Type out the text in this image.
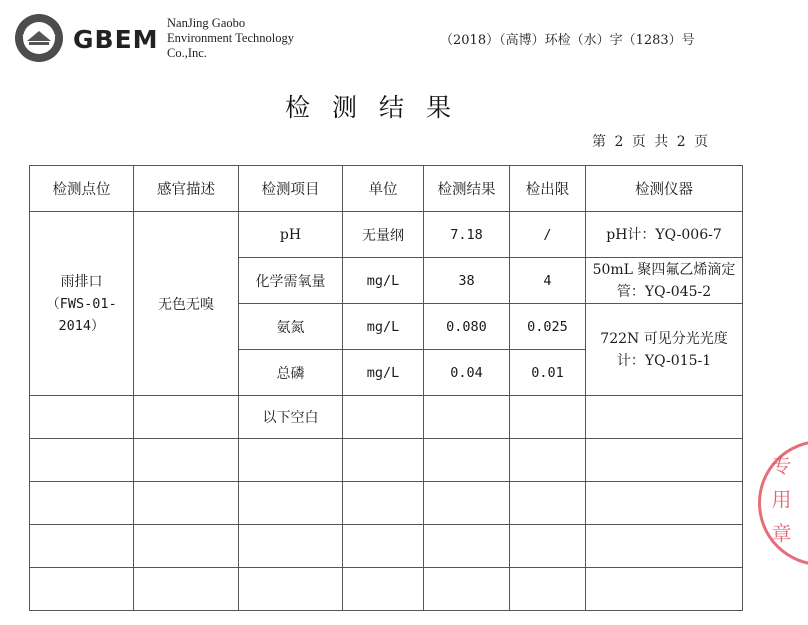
GBEM
NanJing Gaobo
Environment Technology
Co.,Inc.
（2018）（高博）环检（水）字（1283）号
检测结果
第 2 页 共 2 页
检测点位	感官描述	检测项目	单位	检测结果	检出限	检测仪器

雨排口
（FWS-01-2014）	无色无嗅	pH	无量纲	7.18	/	pH计：YQ-006-7
		化学需氧量	mg/L	38	4	50mL 聚四氟乙烯滴定管：YQ-045-2
		氨氮	mg/L	0.080	0.025	722N 可见分光光度计：YQ-015-1
		总磷	mg/L	0.04	0.01	
		以下空白				

专用章
